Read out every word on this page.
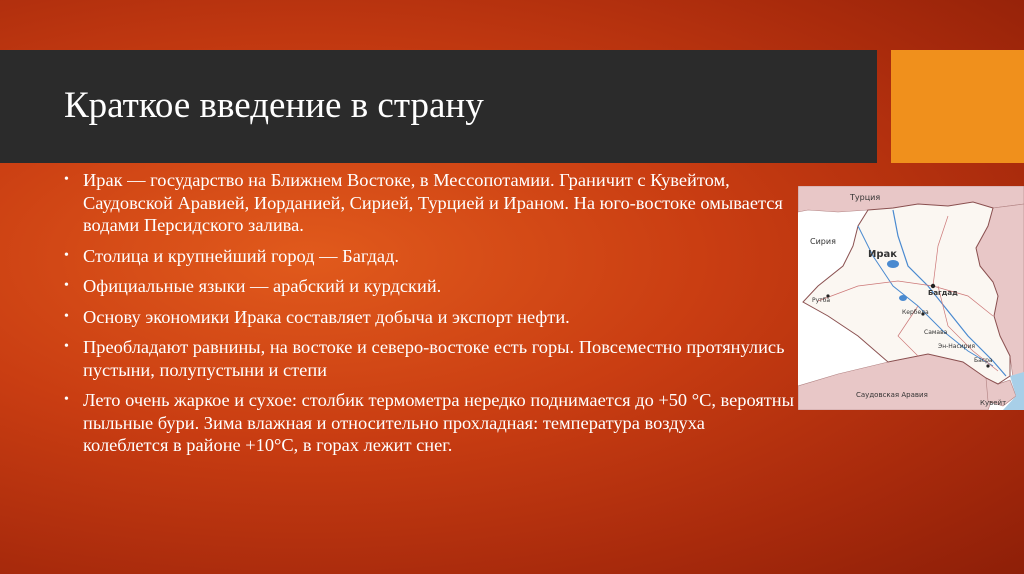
Краткое введение в страну
• Ирак — государство на Ближнем Востоке, в Мессопотамии. Граничит с Кувейтом, Саудовской Аравией, Иорданией, Сирией, Турцией и Ираном. На юго-востоке омывается водами Персидского залива.
• Столица и крупнейший город — Багдад.
• Официальные языки — арабский и курдский.
• Основу экономики Ирака составляет добыча и экспорт нефти.
• Преобладают равнины, на востоке и северо-востоке есть горы. Повсеместно протянулись пустыни, полупустыни и степи
• Лето очень жаркое и сухое: столбик термометра нередко поднимается до +50 °С, вероятны пыльные бури. Зима влажная и относительно прохладная: температура воздуха колеблется в районе +10°С, в горах лежит снег.
Турция
Сирия
Ирак
Багдад
Рутба
Кербела
Эн-Насирия
Самава
Басра
Саудовская Аравия
Кувейт
